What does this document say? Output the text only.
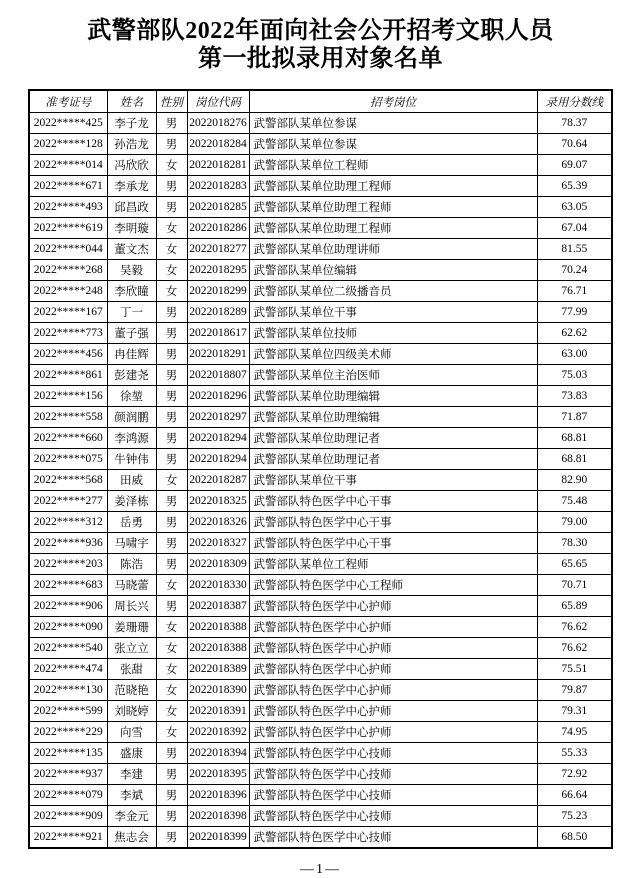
武警部队2022年面向社会公开招考文职人员
第一批拟录用对象名单
准考证号	姓名	性别	岗位代码	招考岗位	录用分数线
2022*****425	李子龙	男	2022018276	武警部队某单位参谋	78.37
2022*****128	孙浩龙	男	2022018284	武警部队某单位参谋	70.64
2022*****014	冯欣欣	女	2022018281	武警部队某单位工程师	69.07
2022*****671	李承龙	男	2022018283	武警部队某单位助理工程师	65.39
2022*****493	邱昌政	男	2022018285	武警部队某单位助理工程师	63.05
2022*****619	李明璇	女	2022018286	武警部队某单位助理工程师	67.04
2022*****044	董文杰	女	2022018277	武警部队某单位助理讲师	81.55
2022*****268	吴毅	女	2022018295	武警部队某单位编辑	70.24
2022*****248	李欣瞳	女	2022018299	武警部队某单位二级播音员	76.71
2022*****167	丁一	男	2022018289	武警部队某单位干事	77.99
2022*****773	董子强	男	2022018617	武警部队某单位技师	62.62
2022*****456	冉佳辉	男	2022018291	武警部队某单位四级美术师	63.00
2022*****861	彭建尧	男	2022018807	武警部队某单位主治医师	75.03
2022*****156	徐堃	男	2022018296	武警部队某单位助理编辑	73.83
2022*****558	颜润鹏	男	2022018297	武警部队某单位助理编辑	71.87
2022*****660	李鸿源	男	2022018294	武警部队某单位助理记者	68.81
2022*****075	牛钟伟	男	2022018294	武警部队某单位助理记者	68.81
2022*****568	田威	女	2022018287	武警部队某单位干事	82.90
2022*****277	姜泽栋	男	2022018325	武警部队特色医学中心干事	75.48
2022*****312	岳勇	男	2022018326	武警部队特色医学中心干事	79.00
2022*****936	马啸宇	男	2022018327	武警部队特色医学中心干事	78.30
2022*****203	陈浩	男	2022018309	武警部队某单位工程师	65.65
2022*****683	马晓蕾	女	2022018330	武警部队特色医学中心工程师	70.71
2022*****906	周长兴	男	2022018387	武警部队特色医学中心护师	65.89
2022*****090	姜珊珊	女	2022018388	武警部队特色医学中心护师	76.62
2022*****540	张立立	女	2022018388	武警部队特色医学中心护师	76.62
2022*****474	张甜	女	2022018389	武警部队特色医学中心护师	75.51
2022*****130	范晓艳	女	2022018390	武警部队特色医学中心护师	79.87
2022*****599	刘晓婷	女	2022018391	武警部队特色医学中心护师	79.31
2022*****229	向雪	女	2022018392	武警部队特色医学中心护师	74.95
2022*****135	盛康	男	2022018394	武警部队特色医学中心技师	55.33
2022*****937	李建	男	2022018395	武警部队特色医学中心技师	72.92
2022*****079	李斌	男	2022018396	武警部队特色医学中心技师	66.64
2022*****909	李金元	男	2022018398	武警部队特色医学中心技师	75.23
2022*****921	焦志会	男	2022018399	武警部队特色医学中心技师	68.50
—1—
